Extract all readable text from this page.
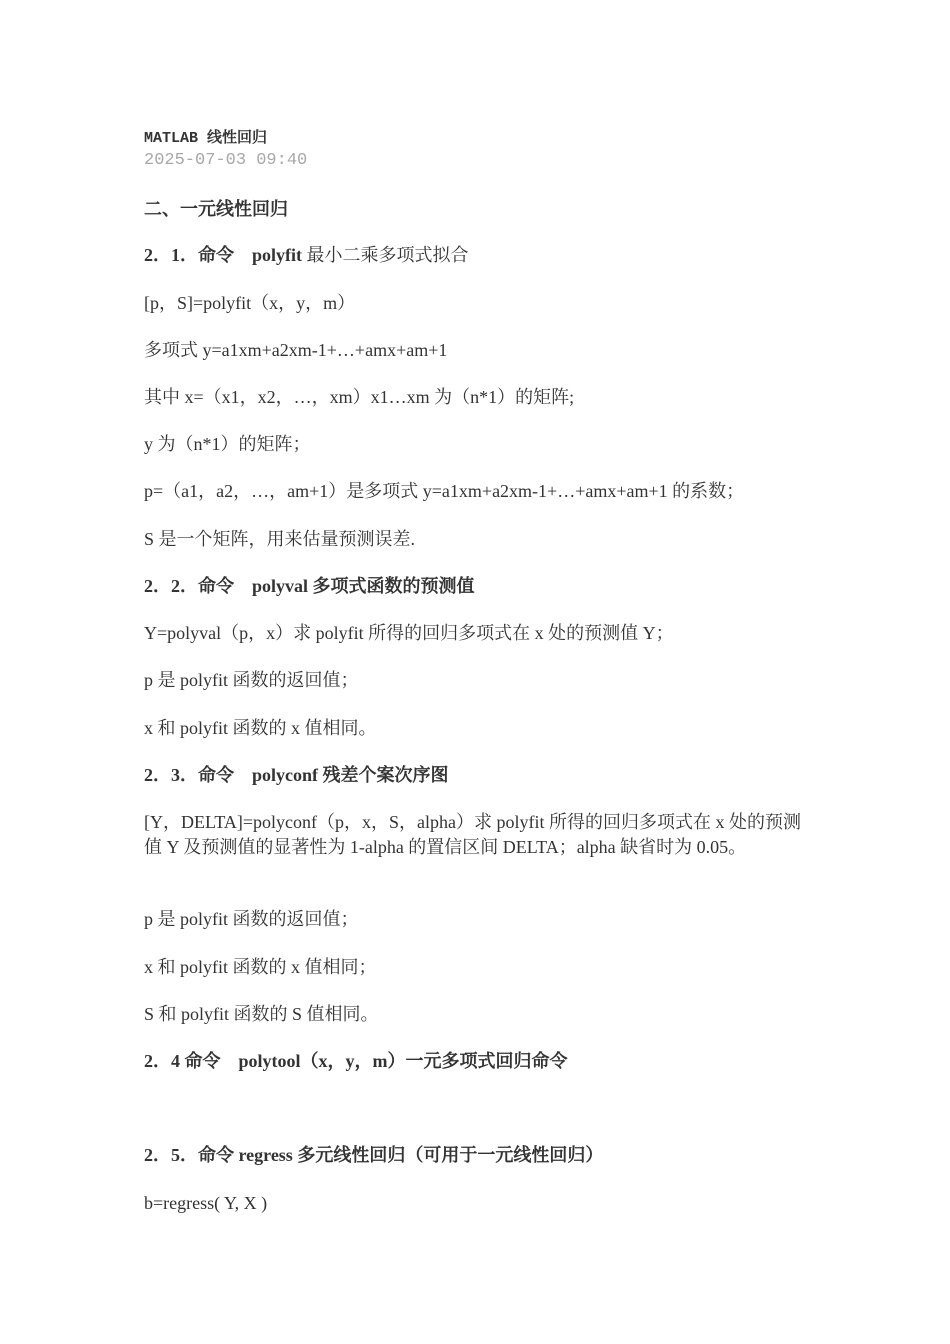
MATLAB 线性回归
2025-07-03 09:40
二、一元线性回归
2．1．命令　polyfit 最小二乘多项式拟合
[p，S]=polyfit（x，y，m）
多项式 y=a1xm+a2xm-1+…+amx+am+1
其中 x=（x1，x2，…，xm）x1…xm 为（n*1）的矩阵;
y 为（n*1）的矩阵；
p=（a1，a2，…，am+1）是多项式 y=a1xm+a2xm-1+…+amx+am+1 的系数；
S 是一个矩阵，用来估量预测误差.
2．2．命令　polyval 多项式函数的预测值
Y=polyval（p，x）求 polyfit 所得的回归多项式在 x 处的预测值 Y；
p 是 polyfit 函数的返回值；
x 和 polyfit 函数的 x 值相同。
2．3．命令　polyconf 残差个案次序图
[Y，DELTA]=polyconf（p，x，S，alpha）求 polyfit 所得的回归多项式在 x 处的预测值 Y 及预测值的显著性为 1-alpha 的置信区间 DELTA；alpha 缺省时为 0.05。
p 是 polyfit 函数的返回值；
x 和 polyfit 函数的 x 值相同；
S 和 polyfit 函数的 S 值相同。
2．4 命令　polytool（x，y，m）一元多项式回归命令
2．5．命令 regress 多元线性回归（可用于一元线性回归）
b=regress( Y, X )
